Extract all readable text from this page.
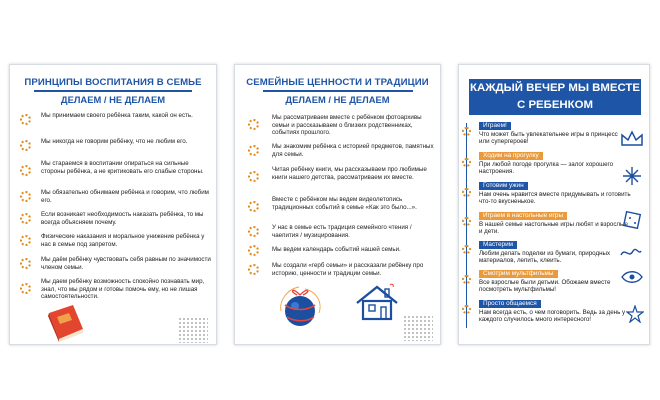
ПРИНЦИПЫ ВОСПИТАНИЯ В СЕМЬЕ
ДЕЛАЕМ / НЕ ДЕЛАЕМ
Мы принимаем своего ребёнка таким, какой он есть.
Мы никогда не говорим ребёнку, что не любим его.
Мы стараемся в воспитании опираться на сильные стороны ребёнка, а не критиковать его слабые стороны.
Мы обязательно обнимаем ребёнка и говорим, что любим его.
Если возникает необходимость наказать ребёнка, то мы всегда объясняем почему.
Физические наказания и моральное унижение ребёнка у нас в семье под запретом.
Мы даём ребёнку чувствовать себя равным по значимости членом семьи.
Мы даем ребёнку возможность спокойно познавать мир, знал, что мы рядом и готовы помочь ему, но не лишая самостоятельности.
СЕМЕЙНЫЕ ЦЕННОСТИ И ТРАДИЦИИ
ДЕЛАЕМ / НЕ ДЕЛАЕМ
Мы рассматриваем вместе с ребёнком фотоархивы семьи и рассказываем о близких родственниках, событиях прошлого.
Мы знакомим ребёнка с историей предметов, памятных для семьи.
Читая ребёнку книги, мы рассказываем про любимые книги нашего детства, рассматриваем их вместе.
Вместе с ребёнком мы ведем видеолетопись традиционных событий в семье «Как это было...».
У нас в семье есть традиция семейного чтения / чаепития / музицирования.
Мы ведем календарь событий нашей семьи.
Мы создали «герб семьи» и рассказали ребёнку про историю, ценности и традиции семьи.
КАЖДЫЙ ВЕЧЕР МЫ ВМЕСТЕ
С РЕБЕНКОМ
Играем!
Что может быть увлекательнее игры в принцесс или супергероев!
Ходим на прогулку
При любой погоде прогулка — залог хорошего настроения.
Готовим ужин
Нам очень нравится вместе придумывать и готовить что-то вкусненькое.
Играем в настольные игры
В нашей семье настольные игры любят и взрослые и дети.
Мастерим
Любим делать поделки из бумаги, природных материалов, лепить, клеить.
Смотрим мультфильмы
Все взрослые были детьми. Обожаем вместе посмотреть мультфильмы!
Просто общаемся
Нам всегда есть, о чем поговорить. Ведь за день у каждого случилось много интересного!
